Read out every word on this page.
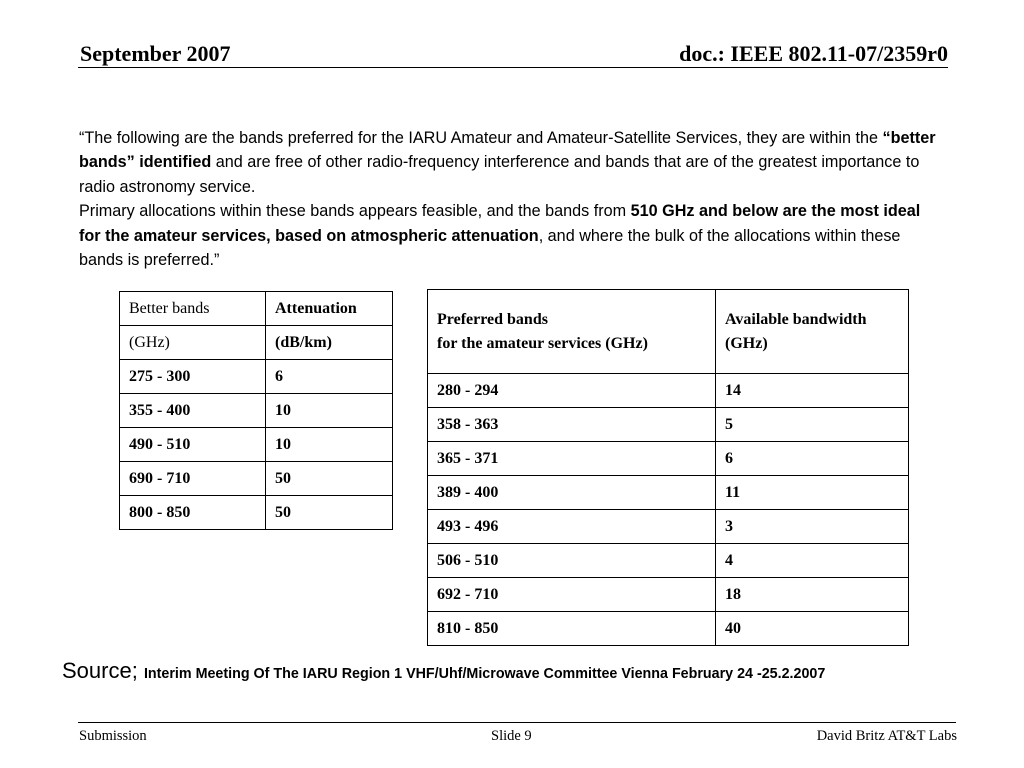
September 2007	doc.: IEEE 802.11-07/2359r0

“The following are the bands preferred for the IARU Amateur and Amateur-Satellite Services, they are within the “better bands” identified and are free of other radio-frequency interference and bands that are of the greatest importance to radio astronomy service.

Primary allocations within these bands appears feasible, and the bands from 510 GHz and below are the most ideal for the amateur services, based on atmospheric attenuation, and where the bulk of the allocations within these bands is preferred.”

Better bands	Attenuation
(GHz)	(dB/km)
275 - 300	6
355 - 400	10
490 - 510	10
690 - 710	50
800 - 850	50
Preferred bands
for the amateur services (GHz)	Available bandwidth
(GHz)

280 - 294	14
358 - 363	5
365 - 371	6
389 - 400	11
493 - 496	3
506 - 510	4
692 - 710	18
810 - 850	40
Source; Interim Meeting Of The IARU Region 1 VHF/Uhf/Microwave Committee Vienna February 24 -25.2.2007
Submission	Slide 9	David Britz AT&T Labs
